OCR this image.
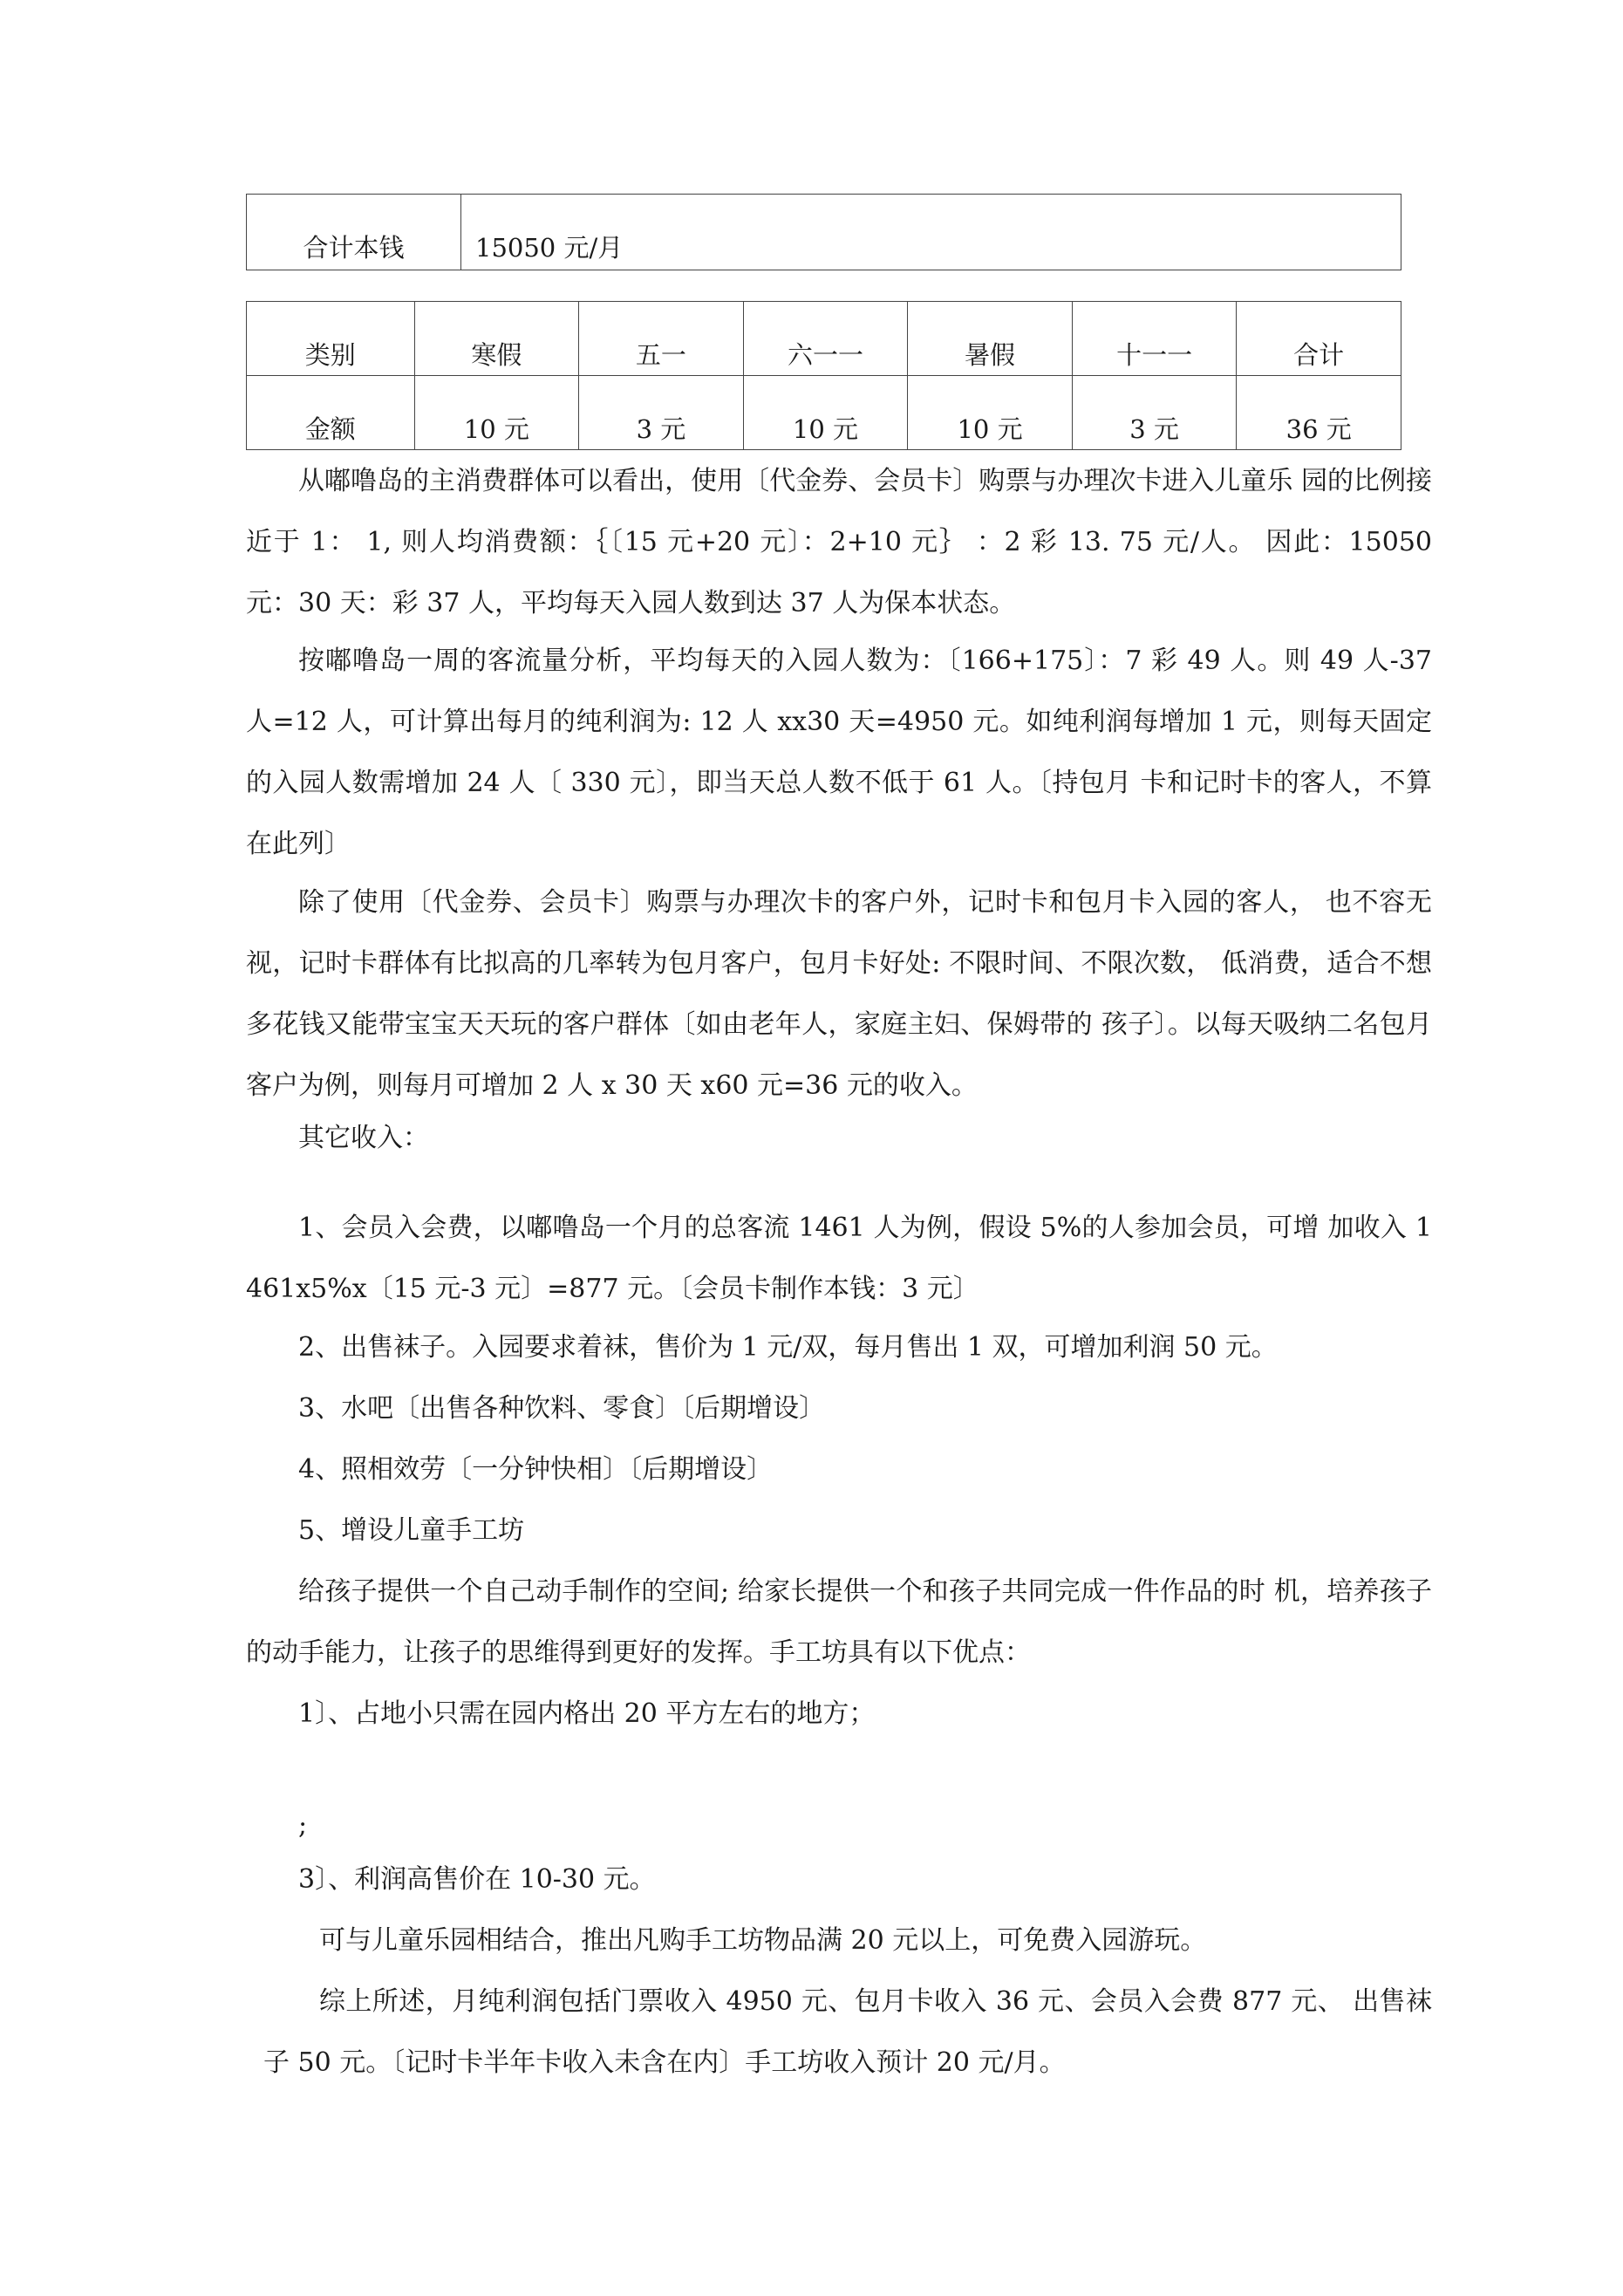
合计本钱	15050 元/月
类别	寒假	五一	六一一	暑假	十一一	合计
金额	10 元	3 元	10 元	10 元	3 元	36 元

从嘟噜岛的主消费群体可以看出，使用〔代金券、会员卡〕购票与办理次卡进入儿童乐 园的比例接近于 1： 1, 则人均消费额：｛〔15 元+20 元〕：2+10 元｝ ：2 彩 13. 75 元/人。 因此：15050 元：30 天：彩 37 人，平均每天入园人数到达 37 人为保本状态。

按嘟噜岛一周的客流量分析，平均每天的入园人数为：〔166+175〕：7 彩 49 人。则 49 人-37 人=12 人，可计算出每月的纯利润为: 12 人 xx30 天=4950 元。如纯利润每增加 1 元，则每天固定的入园人数需增加 24 人〔 330 元〕，即当天总人数不低于 61 人。〔持包月 卡和记时卡的客人，不算在此列〕

除了使用〔代金券、会员卡〕购票与办理次卡的客户外，记时卡和包月卡入园的客人， 也不容无视，记时卡群体有比拟高的几率转为包月客户，包月卡好处: 不限时间、不限次数， 低消费，适合不想多花钱又能带宝宝天天玩的客户群体〔如由老年人，家庭主妇、保姆带的 孩子〕。以每天吸纳二名包月客户为例，则每月可增加 2 人 x 30 天 x60 元=36 元的收入。

其它收入：

1、会员入会费，以嘟噜岛一个月的总客流 1461 人为例，假设 5%的人参加会员，可增 加收入 1461x5%x〔15 元-3 元〕=877 元。〔会员卡制作本钱：3 元〕

2、出售袜子。入园要求着袜，售价为 1 元/双，每月售出 1 双，可增加利润 50 元。

3、水吧〔出售各种饮料、零食〕〔后期增设〕

4、照相效劳〔一分钟快相〕〔后期增设〕

5、增设儿童手工坊

给孩子提供一个自己动手制作的空间; 给家长提供一个和孩子共同完成一件作品的时 机，培养孩子的动手能力，让孩子的思维得到更好的发挥。手工坊具有以下优点：

1〕、占地小只需在园内格出 20 平方左右的地方；

;

3〕、利润高售价在 10-30 元。

可与儿童乐园相结合，推出凡购手工坊物品满 20 元以上，可免费入园游玩。

综上所述，月纯利润包括门票收入 4950 元、包月卡收入 36 元、会员入会费 877 元、 出售袜子 50 元。〔记时卡半年卡收入未含在内〕手工坊收入预计 20 元/月。
